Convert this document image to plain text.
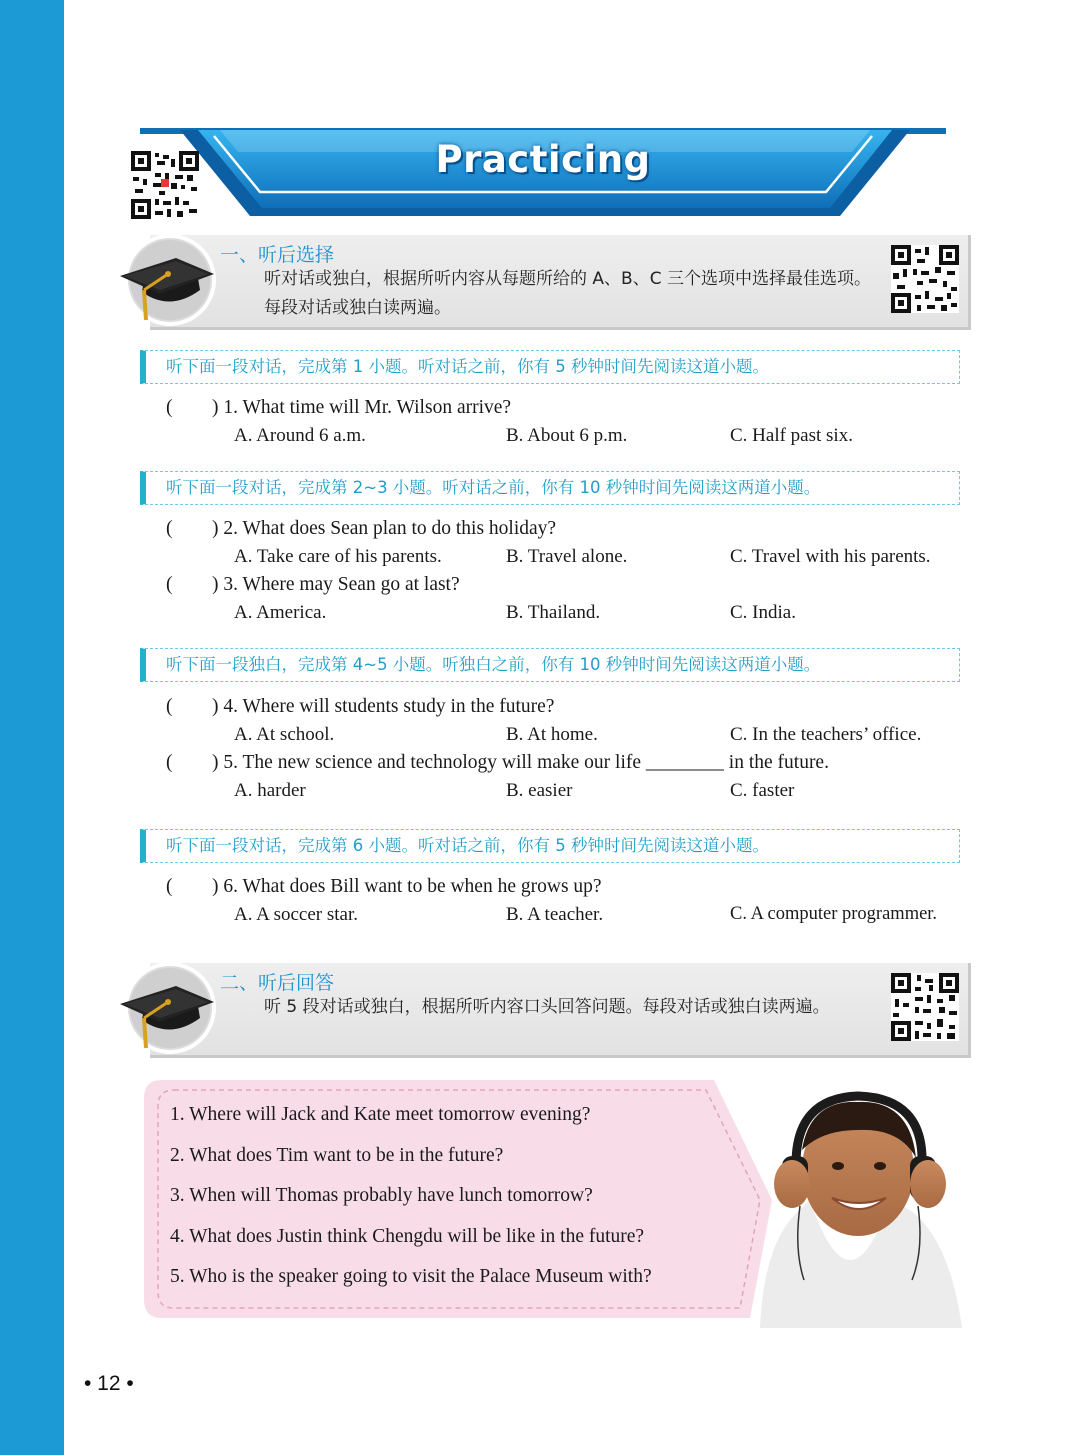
Practicing
一、听后选择
听对话或独白，根据所听内容从每题所给的 A、B、C 三个选项中选择最佳选项。每段对话或独白读两遍。
听下面一段对话，完成第 1 小题。听对话之前，你有 5 秒钟时间先阅读这道小题。
( ) 1. What time will Mr. Wilson arrive?
A. Around 6 a.m.	B. About 6 p.m.	C. Half past six.
听下面一段对话，完成第 2~3 小题。听对话之前，你有 10 秒钟时间先阅读这两道小题。
( ) 2. What does Sean plan to do this holiday?
A. Take care of his parents.	B. Travel alone.	C. Travel with his parents.
( ) 3. Where may Sean go at last?
A. America.	B. Thailand.	C. India.
听下面一段独白，完成第 4~5 小题。听独白之前，你有 10 秒钟时间先阅读这两道小题。
( ) 4. Where will students study in the future?
A. At school.	B. At home.	C. In the teachers’ office.
( ) 5. The new science and technology will make our life ________ in the future.
A. harder	B. easier	C. faster
听下面一段对话，完成第 6 小题。听对话之前，你有 5 秒钟时间先阅读这道小题。
( ) 6. What does Bill want to be when he grows up?
A. A soccer star.	B. A teacher.	C. A computer programmer.
二、听后回答
听 5 段对话或独白，根据所听内容口头回答问题。每段对话或独白读两遍。
1. Where will Jack and Kate meet tomorrow evening?
2. What does Tim want to be in the future?
3. When will Thomas probably have lunch tomorrow?
4. What does Justin think Chengdu will be like in the future?
5. Who is the speaker going to visit the Palace Museum with?
• 12 •
